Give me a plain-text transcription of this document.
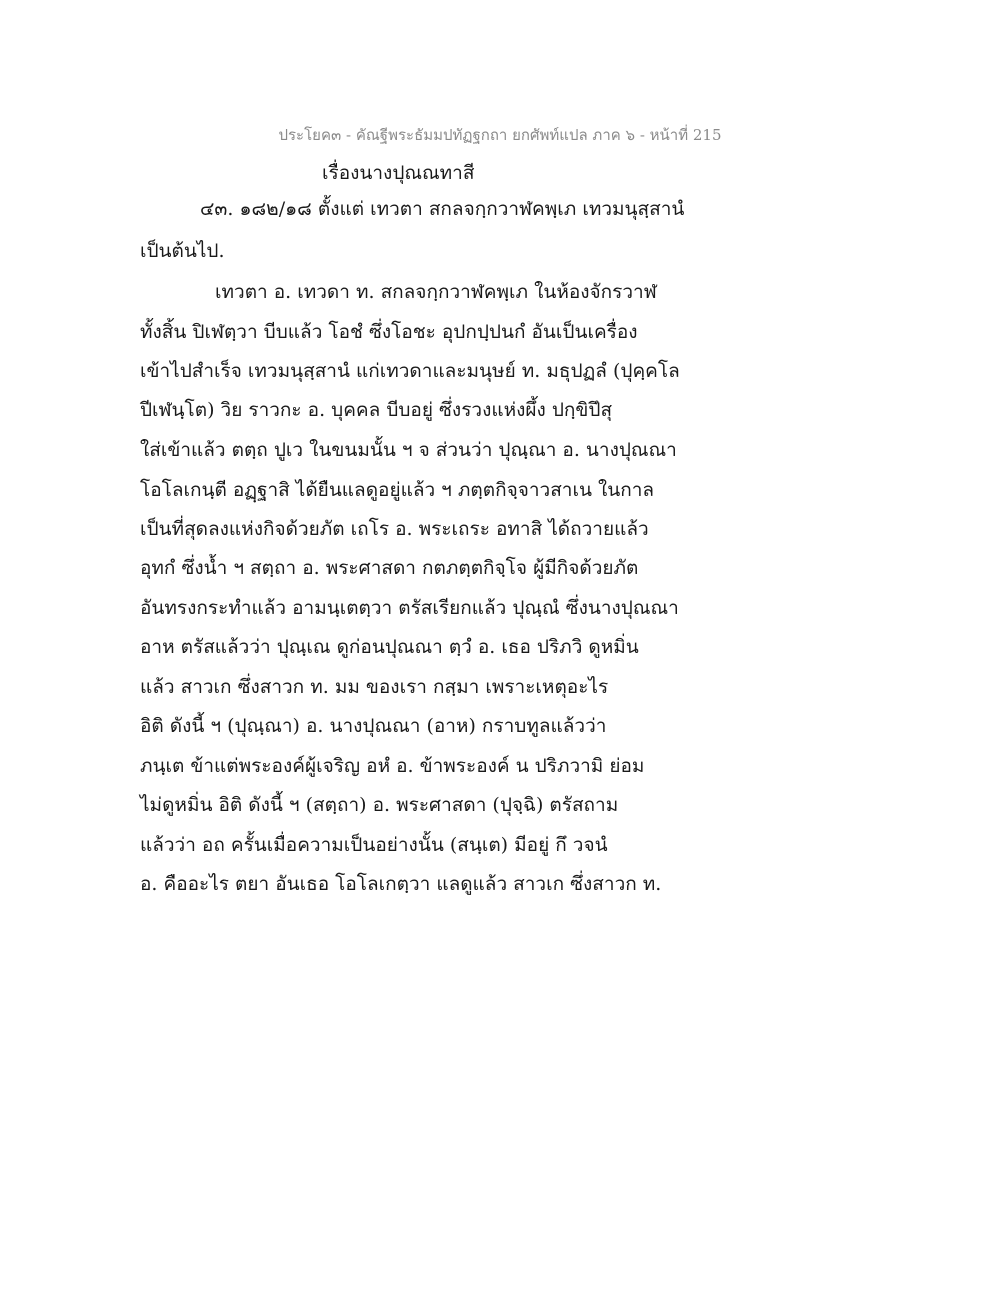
ประโยค๓ - คัณฐีพระธัมมปทัฏฐกถา ยกศัพท์แปล ภาค ๖ - หน้าที่ 215
เรื่องนางปุณณทาสี
๔๓. ๑๘๒/๑๘ ตั้งแต่ เทวตา สกลจกฺกวาฬคพฺเภ เทวมนุสฺสานํ
เป็นต้นไป.
เทวตา อ. เทวดา ท. สกลจกฺกวาฬคพฺเภ ในห้องจักรวาฬ
ทั้งสิ้น ปิเฬตฺวา บีบแล้ว โอชํ ซึ่งโอชะ อุปกปฺปนกํ อันเป็นเครื่อง
เข้าไปสำเร็จ เทวมนุสฺสานํ แก่เทวดาและมนุษย์ ท. มธุปฏลํ (ปุคฺคโล
ปีเฬนฺโต) วิย ราวกะ อ. บุคคล บีบอยู่ ซึ่งรวงแห่งผึ้ง ปกฺขิปึสุ
ใส่เข้าแล้ว ตตฺถ ปูเว ในขนมนั้น ฯ จ ส่วนว่า ปุณฺณา อ. นางปุณณา
โอโลเกนฺตี อฏฺฐาสิ ได้ยืนแลดูอยู่แล้ว ฯ ภตฺตกิจฺจาวสาเน ในกาล
เป็นที่สุดลงแห่งกิจด้วยภัต เถโร อ. พระเถระ อทาสิ ได้ถวายแล้ว
อุทกํ ซึ่งน้ำ ฯ สตฺถา อ. พระศาสดา กตภตฺตกิจฺโจ ผู้มีกิจด้วยภัต
อันทรงกระทำแล้ว อามนฺเตตฺวา ตรัสเรียกแล้ว ปุณฺณํ ซึ่งนางปุณณา
อาห ตรัสแล้วว่า ปุณฺเณ ดูก่อนปุณณา ตฺวํ อ. เธอ ปริภวิ ดูหมิ่น
แล้ว สาวเก ซึ่งสาวก ท. มม ของเรา กสฺมา เพราะเหตุอะไร
อิติ ดังนี้ ฯ (ปุณฺณา) อ. นางปุณณา (อาห) กราบทูลแล้วว่า
ภนฺเต ข้าแต่พระองค์ผู้เจริญ อหํ อ. ข้าพระองค์ น ปริภวามิ ย่อม
ไม่ดูหมิ่น อิติ ดังนี้ ฯ (สตฺถา) อ. พระศาสดา (ปุจฺฉิ) ตรัสถาม
แล้วว่า อถ ครั้นเมื่อความเป็นอย่างนั้น (สนฺเต) มีอยู่ กึ วจนํ
อ. คืออะไร ตยา อันเธอ โอโลเกตฺวา แลดูแล้ว สาวเก ซึ่งสาวก ท.
